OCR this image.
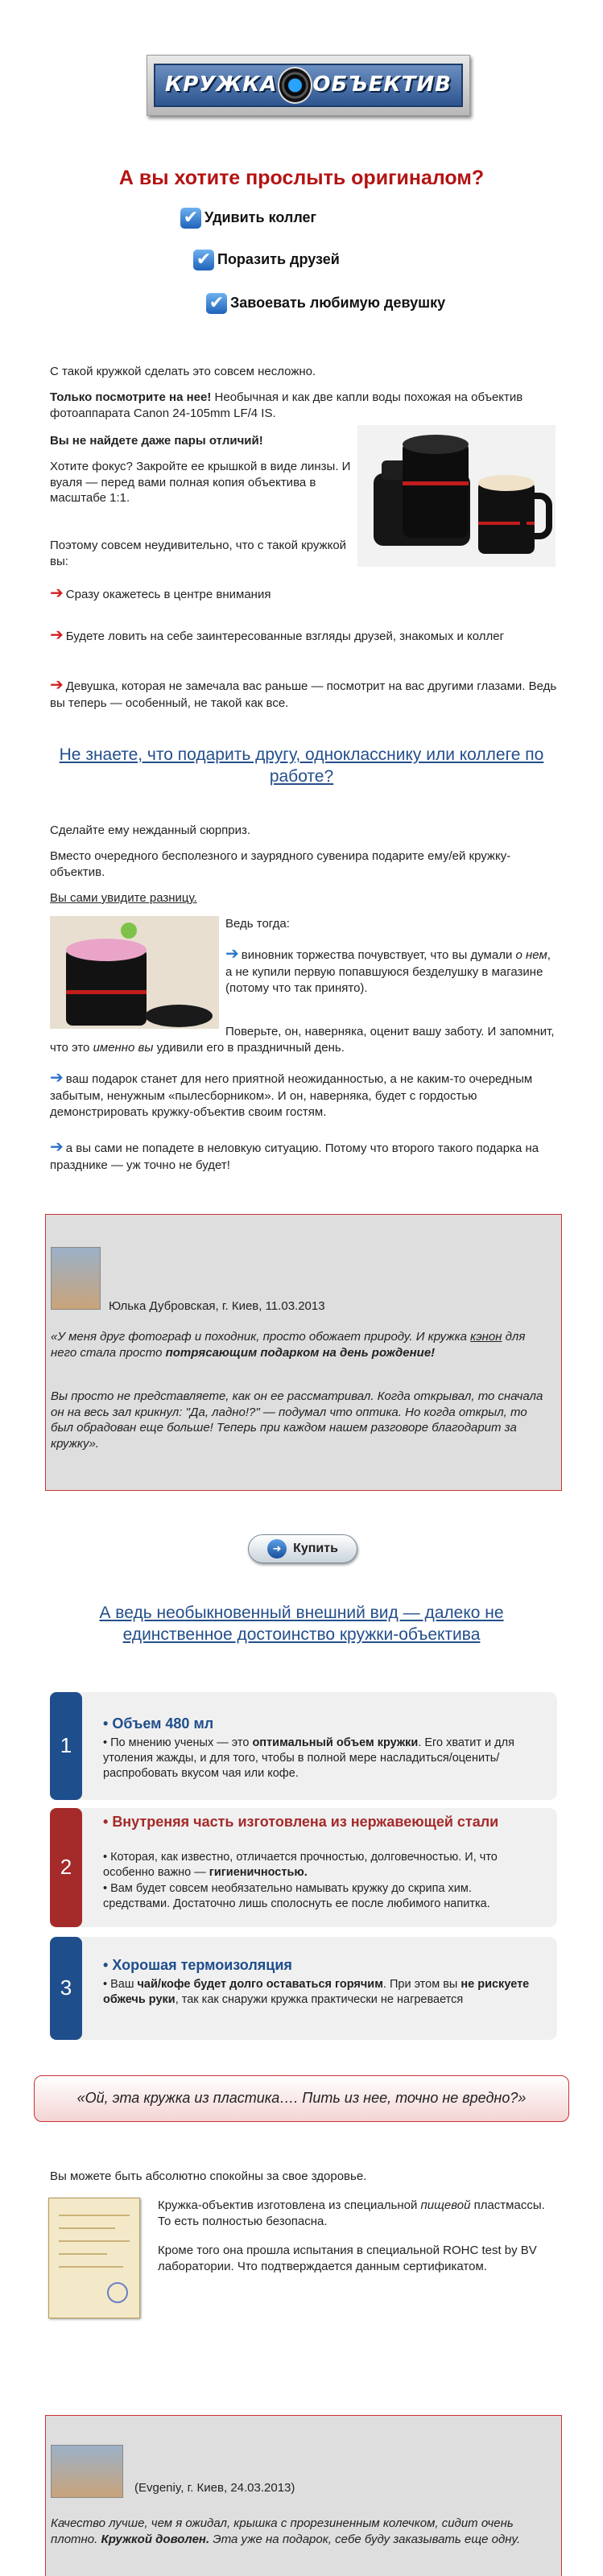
КРУЖКА ОБЪЕКТИВ
А вы хотите прослыть оригиналом?
✔ Удивить коллег
✔ Поразить друзей
✔ Завоевать любимую девушку
С такой кружкой сделать это совсем несложно.
Только посмотрите на нее! Необычная и как две капли воды похожая на объектив фотоаппарата Canon 24-105mm LF/4 IS.
Вы не найдете даже пары отличий!
Хотите фокус? Закройте ее крышкой в виде линзы. И вуаля — перед вами полная копия объектива в масштабе 1:1.
Поэтому совсем неудивительно, что с такой кружкой вы:
➔ Сразу окажетесь в центре внимания
➔ Будете ловить на себе заинтересованные взгляды друзей, знакомых и коллег
➔ Девушка, которая не замечала вас раньше — посмотрит на вас другими глазами. Ведь вы теперь — особенный, не такой как все.
Не знаете, что подарить другу, однокласснику или коллеге по работе?
Сделайте ему нежданный сюрприз.
Вместо очередного бесполезного и заурядного сувенира подарите ему/ей кружку- объектив.
Вы сами увидите разницу.
Ведь тогда:
➔ виновник торжества почувствует, что вы думали о нем, а не купили первую попавшуюся безделушку в магазине (потому что так принято).
Поверьте, он, наверняка, оценит вашу заботу. И запомнит, что это именно вы удивили его в праздничный день.
➔ ваш подарок станет для него приятной неожиданностью, а не каким-то очередным забытым, ненужным «пылесборником». И он, наверняка, будет с гордостью демонстрировать кружку-объектив своим гостям.
➔ а вы сами не попадете в неловкую ситуацию. Потому что второго такого подарка на празднике — уж точно не будет!
Юлька Дубровская, г. Киев, 11.03.2013
«У меня друг фотограф и походник, просто обожает природу. И кружка кэнон для него стала просто потрясающим подарком на день рождение!
Вы просто не представляете, как он ее рассматривал. Когда открывал, то сначала он на весь зал крикнул: "Да, ладно!?" — подумал что оптика. Но когда открыл, то был обрадован еще больше! Теперь при каждом нашем разговоре благодарит за кружку».
➜ Купить
А ведь необыкновенный внешний вид — далеко не единственное достоинство кружки-объектива
1
• Объем 480 мл
• По мнению ученых — это оптимальный объем кружки. Его хватит и для утоления жажды, и для того, чтобы в полной мере насладиться/оценить/распробовать вкусом чая или кофе.
2
• Внутреняя часть изготовлена из нержавеющей стали
• Которая, как известно, отличается прочностью, долговечностью. И, что особенно важно — гигиеничностью.
• Вам будет совсем необязательно намывать кружку до скрипа хим. средствами. Достаточно лишь сполоснуть ее после любимого напитка.
3
• Хорошая термоизоляция
• Ваш чай/кофе будет долго оставаться горячим. При этом вы не рискуете обжечь руки, так как снаружи кружка практически не нагревается
«Ой, эта кружка из пластика…. Пить из нее, точно не вредно?»
Вы можете быть абсолютно спокойны за свое здоровье.
Кружка-объектив изготовлена из специальной пищевой пластмассы. То есть полностью безопасна.
Кроме того она прошла испытания в специальной ROHC test by BV лаборатории. Что подтверждается данным сертификатом.
(Evgeniy, г. Киев, 24.03.2013)
Качество лучше, чем я ожидал, крышка с прорезиненным колечком, сидит очень плотно. Кружкой доволен. Эта уже на подарок, себе буду заказывать еще одну.
